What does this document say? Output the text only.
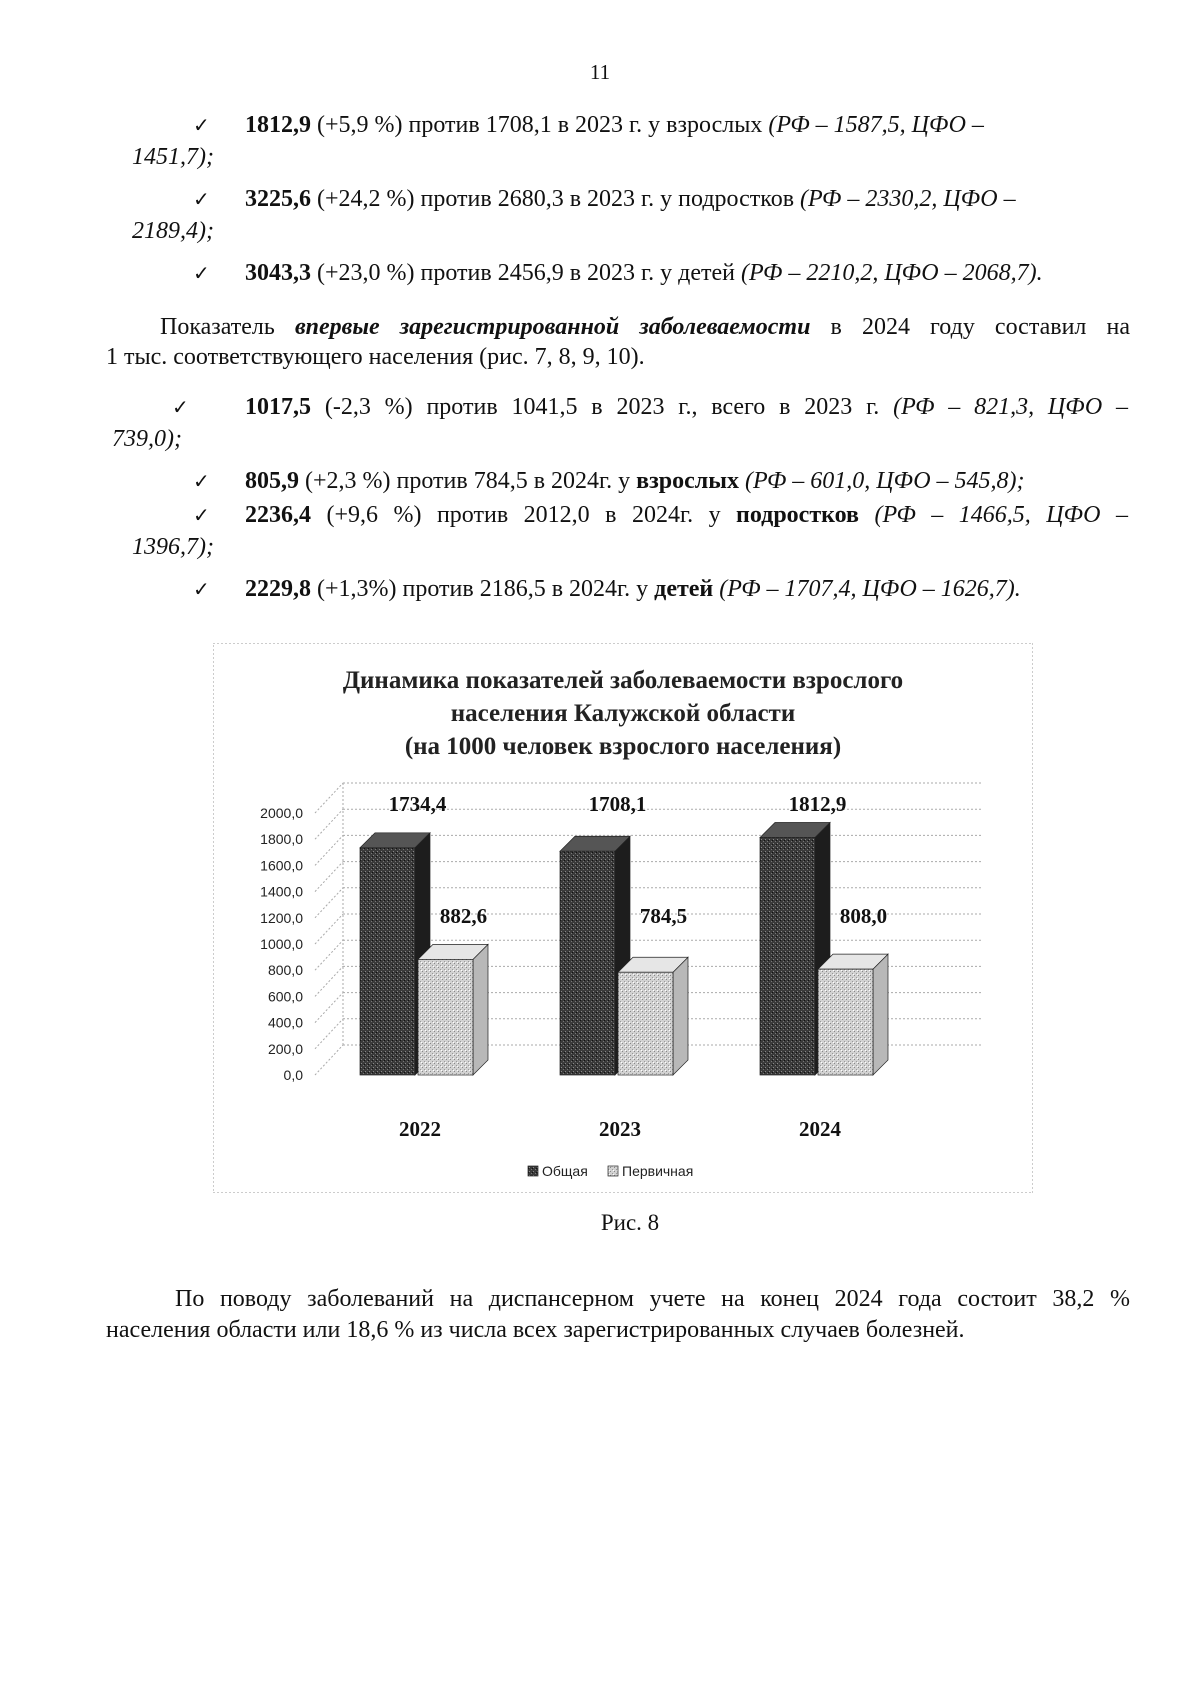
11
✓ 1812,9 (+5,9 %) против 1708,1 в 2023 г. у взрослых (РФ – 1587,5, ЦФО –
1451,7);
✓ 3225,6 (+24,2 %) против 2680,3 в 2023 г. у подростков (РФ – 2330,2, ЦФО –
2189,4);
✓ 3043,3 (+23,0 %) против 2456,9 в 2023 г. у детей (РФ – 2210,2, ЦФО – 2068,7).
Показатель впервые зарегистрированной заболеваемости в 2024 году составил на
1 тыс. соответствующего населения (рис. 7, 8, 9, 10).
✓ 1017,5 (-2,3 %) против 1041,5 в 2023 г., всего в 2023 г. (РФ – 821,3, ЦФО –
739,0);
✓ 805,9 (+2,3 %) против 784,5 в 2024г. у взрослых (РФ – 601,0, ЦФО – 545,8);
✓ 2236,4 (+9,6 %) против 2012,0 в 2024г. у подростков (РФ – 1466,5, ЦФО –
1396,7);
✓ 2229,8 (+1,3%) против 2186,5 в 2024г. у детей (РФ – 1707,4, ЦФО – 1626,7).
Динамика показателей заболеваемости взрослого
населения Калужской области
(на 1000 человек взрослого населения)
0,0
200,0
400,0
600,0
800,0
1000,0
1200,0
1400,0
1600,0
1800,0
2000,0	1734,4
882,6
1708,1
784,5
1812,9
808,0
2022	2023	2024
Общая Первичная
Рис. 8
По поводу заболеваний на диспансерном учете на конец 2024 года состоит 38,2 %
населения области или 18,6 % из числа всех зарегистрированных случаев болезней.
